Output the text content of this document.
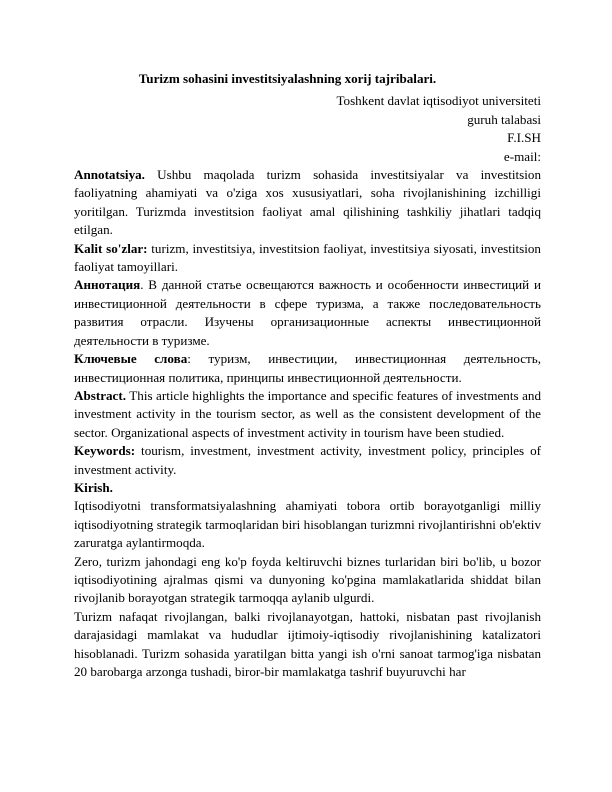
Turizm sohasini investitsiyalashning xorij tajribalari.
Toshkent davlat iqtisodiyot universiteti
guruh talabasi
F.I.SH
e-mail:

Annotatsiya. Ushbu maqolada turizm sohasida investitsiyalar va investitsion faoliyatning ahamiyati va o'ziga xos xususiyatlari, soha rivojlanishining izchilligi yoritilgan. Turizmda investitsion faoliyat amal qilishining tashkiliy jihatlari tadqiq etilgan.

Kalit so'zlar: turizm, investitsiya, investitsion faoliyat, investitsiya siyosati, investitsion faoliyat tamoyillari.

Аннотация. В данной статье освещаются важность и особенности инвестиций и инвестиционной деятельности в сфере туризма, а также последовательность развития отрасли. Изучены организационные аспекты инвестиционной деятельности в туризме.

Ключевые слова: туризм, инвестиции, инвестиционная деятельность, инвестиционная политика, принципы инвестиционной деятельности.

Abstract. This article highlights the importance and specific features of investments and investment activity in the tourism sector, as well as the consistent development of the sector. Organizational aspects of investment activity in tourism have been studied.

Keywords: tourism, investment, investment activity, investment policy, principles of investment activity.

Kirish.

Iqtisodiyotni transformatsiyalashning ahamiyati tobora ortib borayotganligi milliy iqtisodiyotning strategik tarmoqlaridan biri hisoblangan turizmni rivojlantirishni ob'ektiv zaruratga aylantirmoqda.

Zero, turizm jahondagi eng ko'p foyda keltiruvchi biznes turlaridan biri bo'lib, u bozor iqtisodiyotining ajralmas qismi va dunyoning ko'pgina mamlakatlarida shiddat bilan rivojlanib borayotgan strategik tarmoqqa aylanib ulgurdi.

Turizm nafaqat rivojlangan, balki rivojlanayotgan, hattoki, nisbatan past rivojlanish darajasidagi mamlakat va hududlar ijtimoiy-iqtisodiy rivojlanishining katalizatori hisoblanadi. Turizm sohasida yaratilgan bitta yangi ish o'rni sanoat tarmog'iga nisbatan 20 barobarga arzonga tushadi, biror-bir mamlakatga tashrif buyuruvchi har
